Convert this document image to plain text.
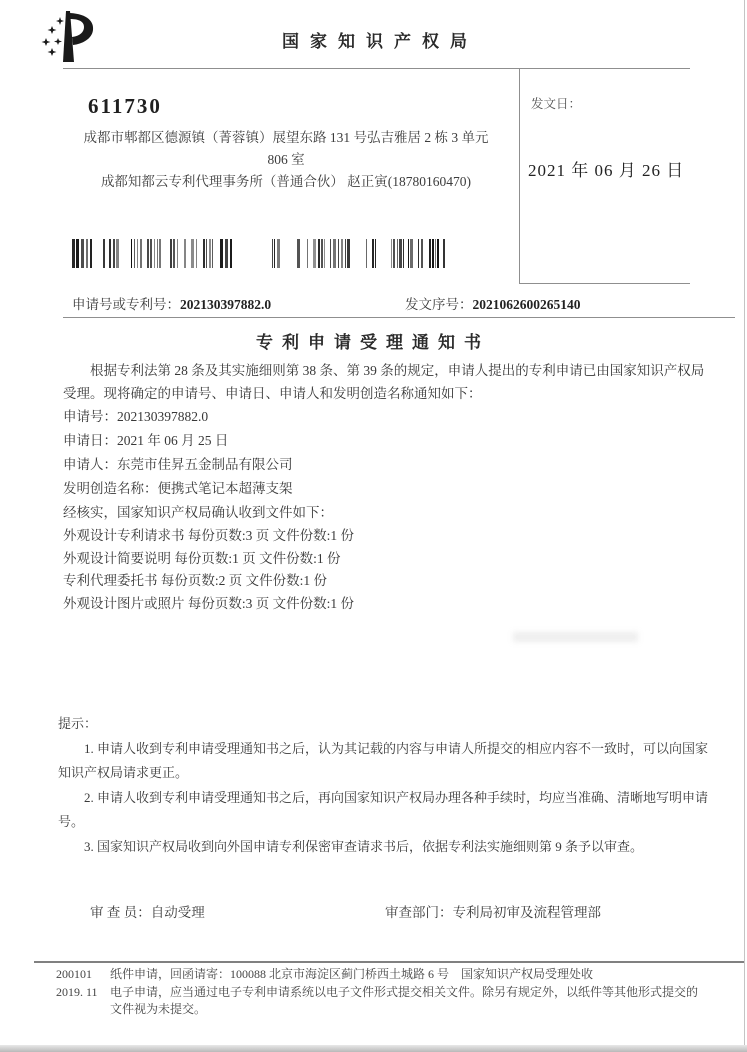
国家知识产权局
611730
成都市郫都区德源镇（菁蓉镇）展望东路 131 号弘吉雅居 2 栋 3 单元
806 室
成都知都云专利代理事务所（普通合伙） 赵正寅(18780160470)
发文日：
2021 年 06 月 26 日
申请号或专利号：202130397882.0	发文序号：2021062600265140
专利申请受理通知书

根据专利法第 28 条及其实施细则第 38 条、第 39 条的规定，申请人提出的专利申请已由国家知识产权局受理。现将确定的申请号、申请日、申请人和发明创造名称通知如下：

申请号：202130397882.0

申请日：2021 年 06 月 25 日

申请人：东莞市佳昇五金制品有限公司

发明创造名称：便携式笔记本超薄支架

经核实，国家知识产权局确认收到文件如下：

外观设计专利请求书 每份页数:3 页 文件份数:1 份

外观设计简要说明 每份页数:1 页 文件份数:1 份

专利代理委托书 每份页数:2 页 文件份数:1 份

外观设计图片或照片 每份页数:3 页 文件份数:1 份

提示：

1. 申请人收到专利申请受理通知书之后，认为其记载的内容与申请人所提交的相应内容不一致时，可以向国家知识产权局请求更正。

2. 申请人收到专利申请受理通知书之后，再向国家知识产权局办理各种手续时，均应当准确、清晰地写明申请号。

3. 国家知识产权局收到向外国申请专利保密审查请求书后，依据专利法实施细则第 9 条予以审查。

审 查 员：自动受理	审查部门：专利局初审及流程管理部
200101
2019. 11
纸件申请，回函请寄：100088 北京市海淀区蓟门桥西土城路 6 号　国家知识产权局受理处收
电子申请，应当通过电子专利申请系统以电子文件形式提交相关文件。除另有规定外，以纸件等其他形式提交的
文件视为未提交。
